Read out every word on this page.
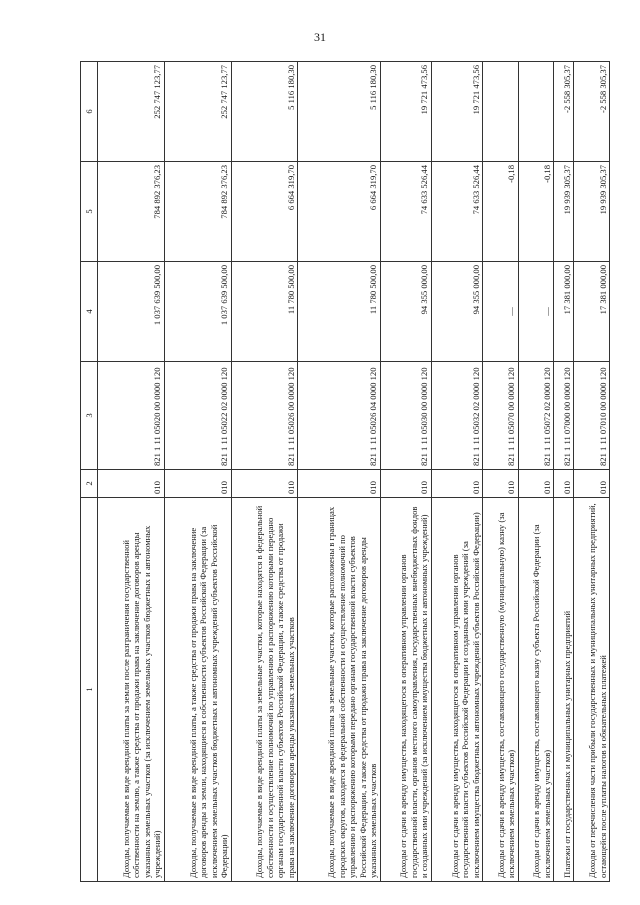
31
1	2	3	4	5	6
Доходы, получаемые в виде арендной платы за земли после разграничения государственной собственности на землю, а также средства от продажи права на заключение договоров аренды указанных земельных участков (за исключением земельных участков бюджетных и автономных учреждений)	010	821 1 11 05020 00 0000 120	1 037 639 500,00	784 892 376,23	252 747 123,77
Доходы, получаемые в виде арендной платы, а также средства от продажи права на заключение договоров аренды за земли, находящиеся в собственности субъектов Российской Федерации (за исключением земельных участков бюджетных и автономных учреждений субъектов Российской Федерации)	010	821 1 11 05022 02 0000 120	1 037 639 500,00	784 892 376,23	252 747 123,77
Доходы, получаемые в виде арендной платы за земельные участки, которые находятся в федеральной собственности и осуществление полномочий по управлению и распоряжению которыми передано органам государственной власти субъектов Российской Федерации, а также средства от продажи права на заключение договоров аренды указанных земельных участков	010	821 1 11 05026 00 0000 120	11 780 500,00	6 664 319,70	5 116 180,30
Доходы, получаемые в виде арендной платы за земельные участки, которые расположены в границах городских округов, находятся в федеральной собственности и осуществление полномочий по управлению и распоряжению которыми передано органам государственной власти субъектов Российской Федерации, а также средства от продажи права на заключение договоров аренды указанных земельных участков	010	821 1 11 05026 04 0000 120	11 780 500,00	6 664 319,70	5 116 180,30
Доходы от сдачи в аренду имущества, находящегося в оперативном управлении органов государственной власти, органов местного самоуправления, государственных внебюджетных фондов и созданных ими учреждений (за исключением имущества бюджетных и автономных учреждений)	010	821 1 11 05030 00 0000 120	94 355 000,00	74 633 526,44	19 721 473,56
Доходы от сдачи в аренду имущества, находящегося в оперативном управлении органов государственной власти субъектов Российской Федерации и созданных ими учреждений (за исключением имущества бюджетных и автономных учреждений субъектов Российской Федерации)	010	821 1 11 05032 02 0000 120	94 355 000,00	74 633 526,44	19 721 473,56
Доходы от сдачи в аренду имущества, составляющего государственную (муниципальную) казну (за исключением земельных участков)	010	821 1 11 05070 00 0000 120	—	-0,18	
Доходы от сдачи в аренду имущества, составляющего казну субъекта Российской Федерации (за исключением земельных участков)	010	821 1 11 05072 02 0000 120	—	-0,18	
Платежи от государственных и муниципальных унитарных предприятий	010	821 1 11 07000 00 0000 120	17 381 000,00	19 939 305,37	-2 558 305,37
Доходы от перечисления части прибыли государственных и муниципальных унитарных предприятий, остающейся после уплаты налогов и обязательных платежей	010	821 1 11 07010 00 0000 120	17 381 000,00	19 939 305,37	-2 558 305,37
